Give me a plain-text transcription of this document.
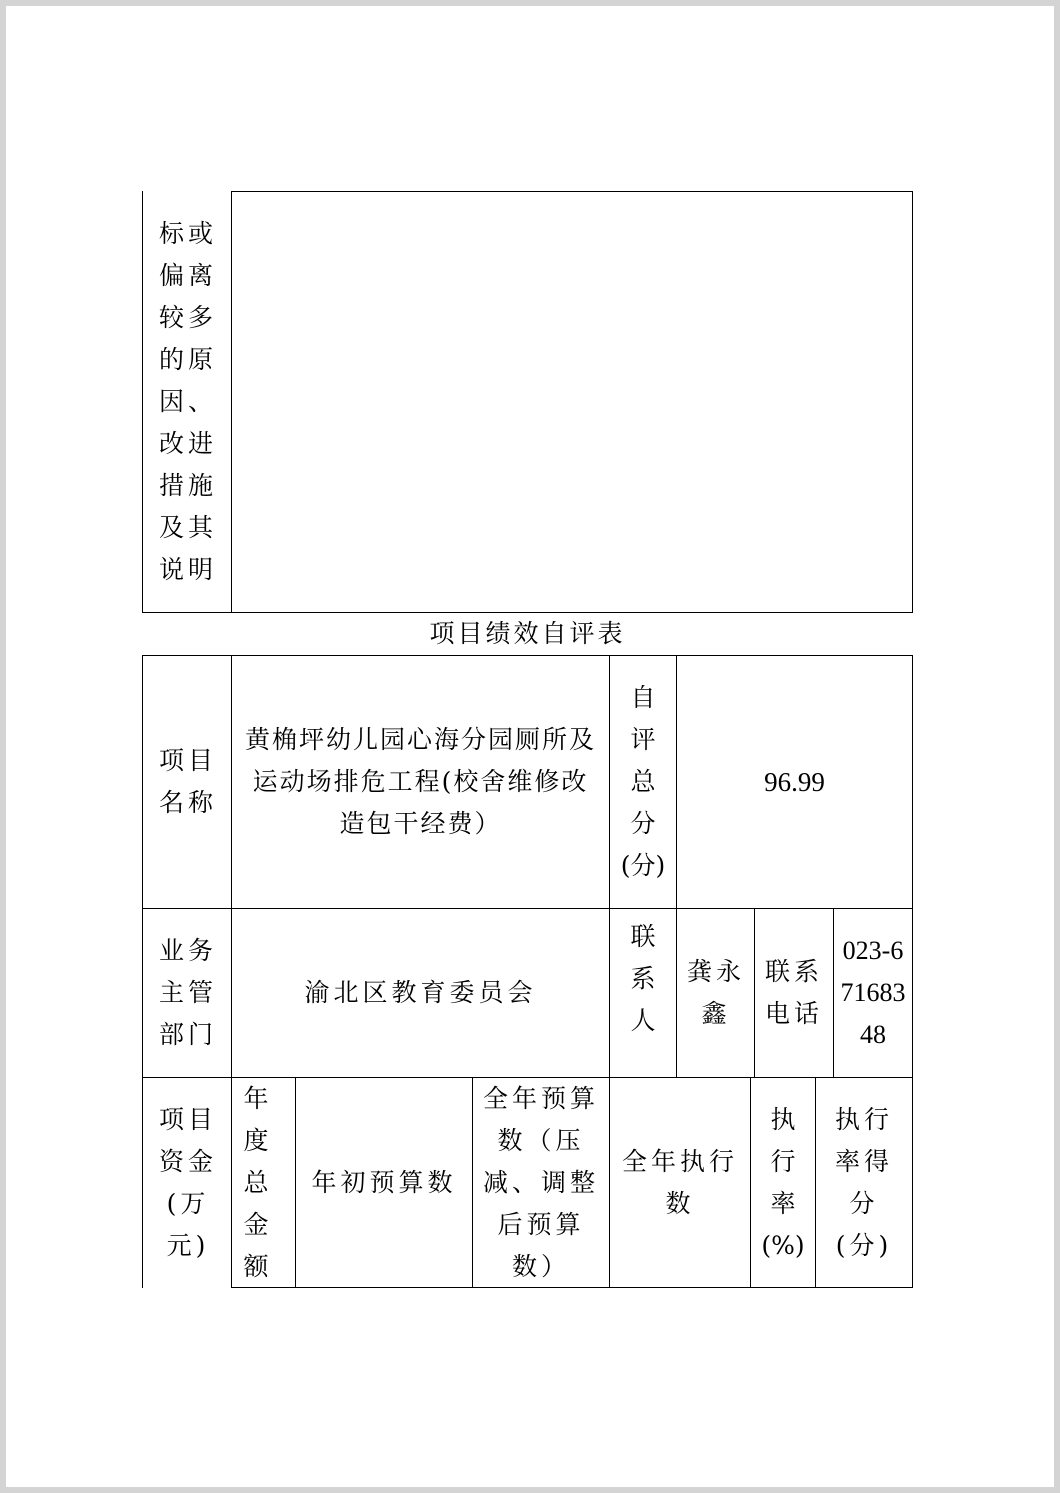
标或偏离较多的原因、改进措施及其说明
项目绩效自评表
项目名称
黄桷坪幼儿园心海分园厕所及运动场排危工程(校舍维修改造包干经费）
自评总分(分)
96.99
业务主管部门
渝北区教育委员会
联系人
龚永鑫
联系电话
023-67168348
项目资金(万元)
年度总金额
年初预算数
全年预算数（压减、调整后预算数）
全年执行数
执行率(%)
执行率得分(分)
